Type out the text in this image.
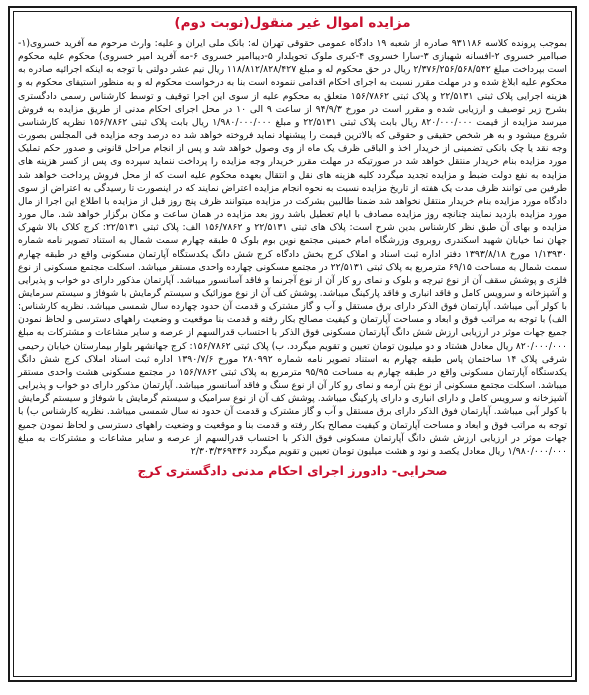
مزایده اموال غیر منقول(نوبت دوم)

بموجب پرونده کلاسه ۹۳۱۱۸۶ صادره از شعبه ۱۹ دادگاه عمومی حقوقی تهران له: بانک ملی ایران و علیه: وارث مرحوم مه آفرید خسروی(۱-صباامیر خسروی ۲-افسانه شهبازی ۳-سارا خسروی ۴-کبری ملوک تحویلدار ۵-دیباامیر خسروی ۶-مه آفرید امیر خسروی) محکوم علیه محکوم است بپرداخت مبلغ ۲/۳۷۶/۲۵۶/۵۶۸/۵۴۲ ریال در حق محکوم له و مبلغ ۱۱۸/۸۱۲/۸۲۸/۴۲۷ ریال نیم عشر دولتی با توجه به اینکه اجرائیه صادره به محکوم علیه ابلاغ شده و در مهلت مقرر نسبت به اجرای احکام اقدامی ننموده است بنا به درخواست محکوم له و به منظور استیفای محکوم به و هزینه اجرایی پلاک ثبتی ۲۲/۵۱۳۱ و پلاک ثبتی ۱۵۶/۷۸۶۲ متعلق به محکوم علیه از سوی این اجرا توقیف و توسط کارشناس رسمی دادگستری بشرح زیر توصیف و ارزیابی شده و مقرر است در مورخ ۹۴/۹/۳ از ساعت ۹ الی ۱۰ در محل اجرای احکام مدنی از طریق مزایده به فروش میرسد مزایده از قیمت ۸۲۰/۰۰۰/۰۰۰ ریال بابت پلاک ثبتی ۲۲/۵۱۳۱ و مبلغ ۱/۹۸۰/۰۰۰/۰۰۰ ریال بابت پلاک ثبتی ۱۵۶/۷۸۶۲ نظریه کارشناسی شروع میشود و به هر شخص حقیقی و حقوقی که بالاترین قیمت را پیشنهاد نماید فروخته خواهد شد ده درصد وجه مزایده فی المجلس بصورت وجه نقد یا چک بانکی تضمینی از خریدار اخذ و الباقی ظرف یک ماه از وی وصول خواهد شد و پس از انجام مراحل قانونی و صدور حکم تملیک مورد مزایده بنام خریدار منتقل خواهد شد در صورتیکه در مهلت مقرر خریدار وجه مزایده را پرداخت ننماید سپرده وی پس از کسر هزینه های مزایده به نفع دولت ضبط و مزایده تجدید میگردد کلیه هزینه های نقل و انتقال بعهده محکوم علیه است که از محل فروش پرداخت خواهد شد طرفین می توانند ظرف مدت یک هفته از تاریخ مزایده نسبت به نحوه انجام مزایده اعتراض نمایند که در اینصورت تا رسیدگی به اعتراض از سوی دادگاه مورد مزایده بنام خریدار منتقل نخواهد شد ضمنا طالبین بشرکت در مزایده میتوانند ظرف پنج روز قبل از مزایده با اطلاع این اجرا از مال مورد مزایده بازدید نمایند چنانچه روز مزایده مصادف با ایام تعطیل باشد روز بعد مزایده در همان ساعت و مکان برگزار خواهد شد. مال مورد مزایده و بهای آن طبق نظر کارشناس بدین شرح است: پلاک های ثبتی ۲۲/۵۱۳۱ و ۱۵۶/۷۸۶۲ الف: پلاک ثبتی ۲۲/۵۱۳۱: کرج کلاک بالا شهرک جهان نما خیابان شهید اسکندری روبروی وزرشگاه امام خمینی مجتمع نوین بوم بلوک ۵ طبقه چهارم سمت شمال به استناد تصویر نامه شماره ۱/۱۳۹۳۰ مورخ ۱۳۹۳/۸/۱۸ دفتر اداره ثبت اسناد و املاک کرج بخش دادگاه کرج شش دانگ یکدستگاه آپارتمان مسکونی واقع در طبقه چهارم سمت شمال به مساحت ۶۹/۱۵ مترمربع به پلاک ثبتی ۲۲/۵۱۳۱ در مجتمع مسکونی چهارده واحدی مستقر میباشد. اسکلت مجتمع مسکونی از نوع فلزی و پوشش سقف آن از نوع تیرچه و بلوک و نمای رو کار آن از نوع آجرنما و فاقد آسانسور میباشد. آپارتمان مذکور دارای دو خواب و پذیرایی و آشپزخانه و سرویس کامل و فاقد انباری و فاقد پارکینگ میباشد. پوشش کف آن از نوع موزائیک و سیستم گرمایش با شوفاژ و سیستم سرمایش با کولر آبی میباشد. آپارتمان فوق الذکر دارای برق مستقل و آب و گاز مشترک و قدمت آن حدود چهارده سال شمسی میباشد. نظریه کارشناس: الف) با توجه به مراتب فوق و ابعاد و مساحت آپارتمان و کیفیت مصالح بکار رفته و قدمت بنا موقعیت و وضعیت راههای دسترسی و لحاظ نمودن جمیع جهات موثر در ارزیابی ارزش شش دانگ آپارتمان مسکونی فوق الذکر با احتساب قدرالسهم از عرصه و سایر مشاعات و مشترکات به مبلغ ۸۲۰/۰۰۰/۰۰۰ ریال معادل هشتاد و دو میلیون تومان تعیین و تقویم میگردد. ب) پلاک ثبتی ۱۵۶/۷۸۶۲: کرج جهانشهر بلوار بیمارستان خیابان رحیمی شرقی پلاک ۱۴ ساختمان پاس طبقه چهارم به استناد تصویر نامه شماره ۲۸۰۹۹۲ مورخ ۱۳۹۰/۷/۶ اداره ثبت اسناد املاک کرج شش دانگ یکدستگاه آپارتمان مسکونی واقع در طبقه چهارم به مساحت ۹۵/۹۵ مترمربع به پلاک ثبتی ۱۵۶/۷۸۶۲ در مجتمع مسکونی هشت واحدی مستقر میباشد. اسکلت مجتمع مسکونی از نوع بتن آرمه و نمای رو کار آن از نوع سنگ و فاقد آسانسور میباشد. آپارتمان مذکور دارای دو خواب و پذیرایی آشپزخانه و سرویس کامل و دارای انباری و دارای پارکینگ میباشد. پوشش کف آن از نوع سرامیک و سیستم گرمایش با شوفاژ و سیستم گرمایش با کولر آبی میباشد. آپارتمان فوق الذکر دارای برق مستقل و آب و گاز مشترک و قدمت آن حدود نه سال شمسی میباشد. نظریه کارشناس ب) با توجه به مراتب فوق و ابعاد و مساحت آپارتمان و کیفیت مصالح بکار رفته و قدمت بنا و موقعیت و وضعیت راههای دسترسی و لحاظ نمودن جمیع جهات موثر در ارزیابی ارزش شش دانگ آپارتمان مسکونی فوق الذکر با احتساب قدرالسهم از عرصه و سایر مشاعات و مشترکات به مبلغ ۱/۹۸۰/۰۰۰/۰۰۰ ریال معادل یکصد و نود و هشت میلیون تومان تعیین و تقویم میگردد ۲/۳۰۳/۳۶۹۴۳۶

صحرایی- دادورز اجرای احکام مدنی دادگستری کرج
